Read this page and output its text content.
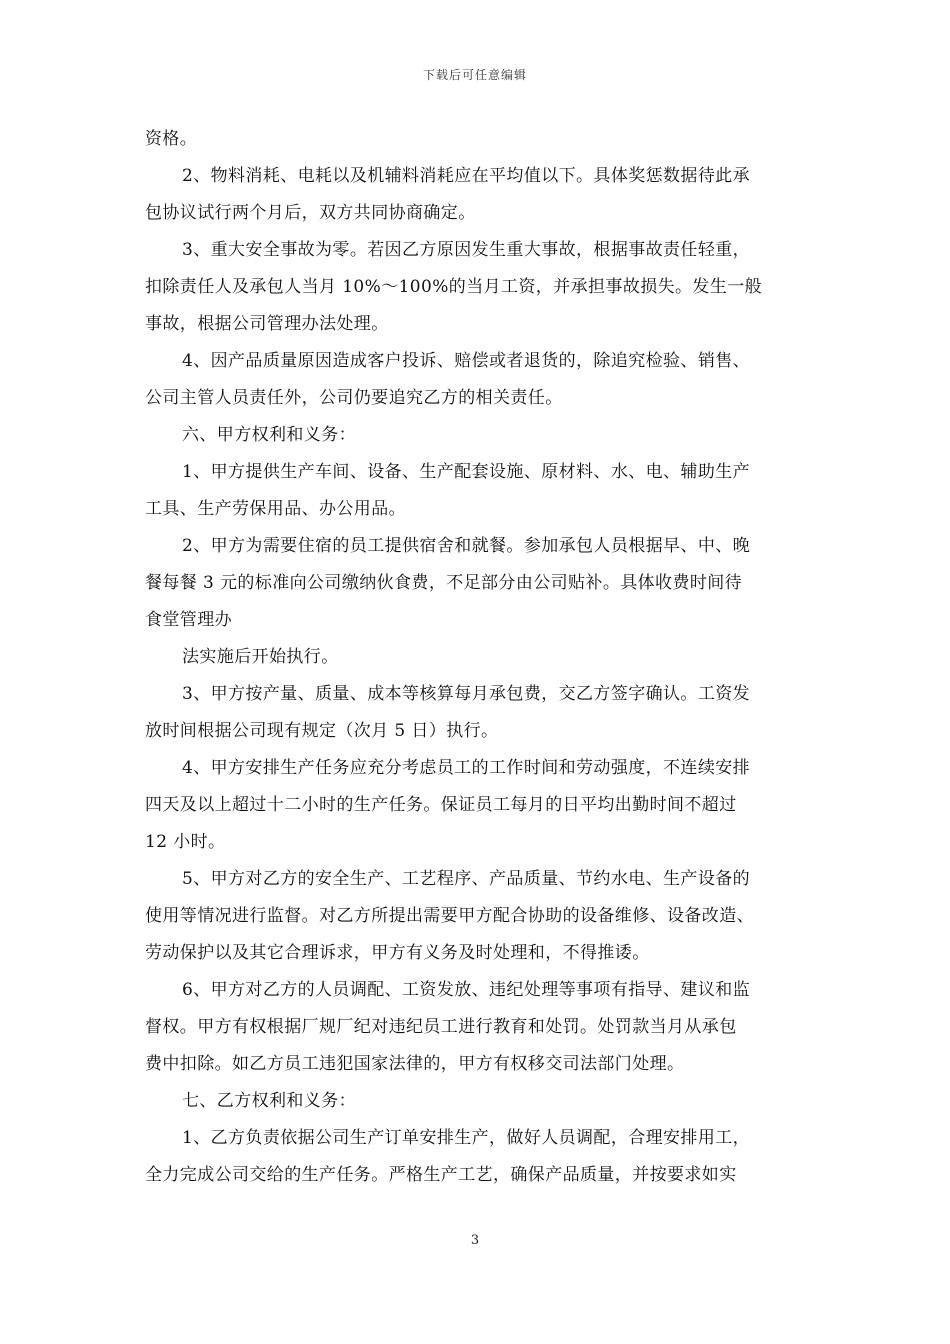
下载后可任意编辑
资格。
2、物料消耗、电耗以及机辅料消耗应在平均值以下。具体奖惩数据待此承
包协议试行两个月后，双方共同协商确定。
3、重大安全事故为零。若因乙方原因发生重大事故，根据事故责任轻重，
扣除责任人及承包人当月 10%～100%的当月工资，并承担事故损失。发生一般
事故，根据公司管理办法处理。
4、因产品质量原因造成客户投诉、赔偿或者退货的，除追究检验、销售、
公司主管人员责任外，公司仍要追究乙方的相关责任。
六、甲方权利和义务：
1、甲方提供生产车间、设备、生产配套设施、原材料、水、电、辅助生产
工具、生产劳保用品、办公用品。
2、甲方为需要住宿的员工提供宿舍和就餐。参加承包人员根据早、中、晚
餐每餐 3 元的标准向公司缴纳伙食费，不足部分由公司贴补。具体收费时间待
食堂管理办
法实施后开始执行。
3、甲方按产量、质量、成本等核算每月承包费，交乙方签字确认。工资发
放时间根据公司现有规定（次月 5 日）执行。
4、甲方安排生产任务应充分考虑员工的工作时间和劳动强度，不连续安排
四天及以上超过十二小时的生产任务。保证员工每月的日平均出勤时间不超过
12 小时。
5、甲方对乙方的安全生产、工艺程序、产品质量、节约水电、生产设备的
使用等情况进行监督。对乙方所提出需要甲方配合协助的设备维修、设备改造、
劳动保护以及其它合理诉求，甲方有义务及时处理和，不得推诿。
6、甲方对乙方的人员调配、工资发放、违纪处理等事项有指导、建议和监
督权。甲方有权根据厂规厂纪对违纪员工进行教育和处罚。处罚款当月从承包
费中扣除。如乙方员工违犯国家法律的，甲方有权移交司法部门处理。
七、乙方权利和义务：
1、乙方负责依据公司生产订单安排生产，做好人员调配，合理安排用工，
全力完成公司交给的生产任务。严格生产工艺，确保产品质量，并按要求如实
3
